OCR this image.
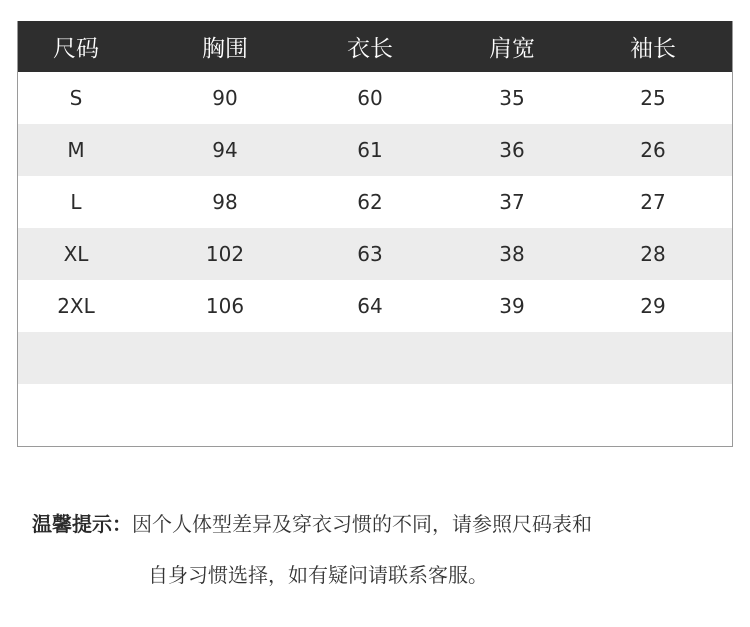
尺码	胸围	衣长	肩宽	袖长
S	90	60	35	25
M	94	61	36	26
L	98	62	37	27
XL	102	63	38	28
2XL	106	64	39	29
温馨提示：因个人体型差异及穿衣习惯的不同，请参照尺码表和
自身习惯选择，如有疑问请联系客服。
